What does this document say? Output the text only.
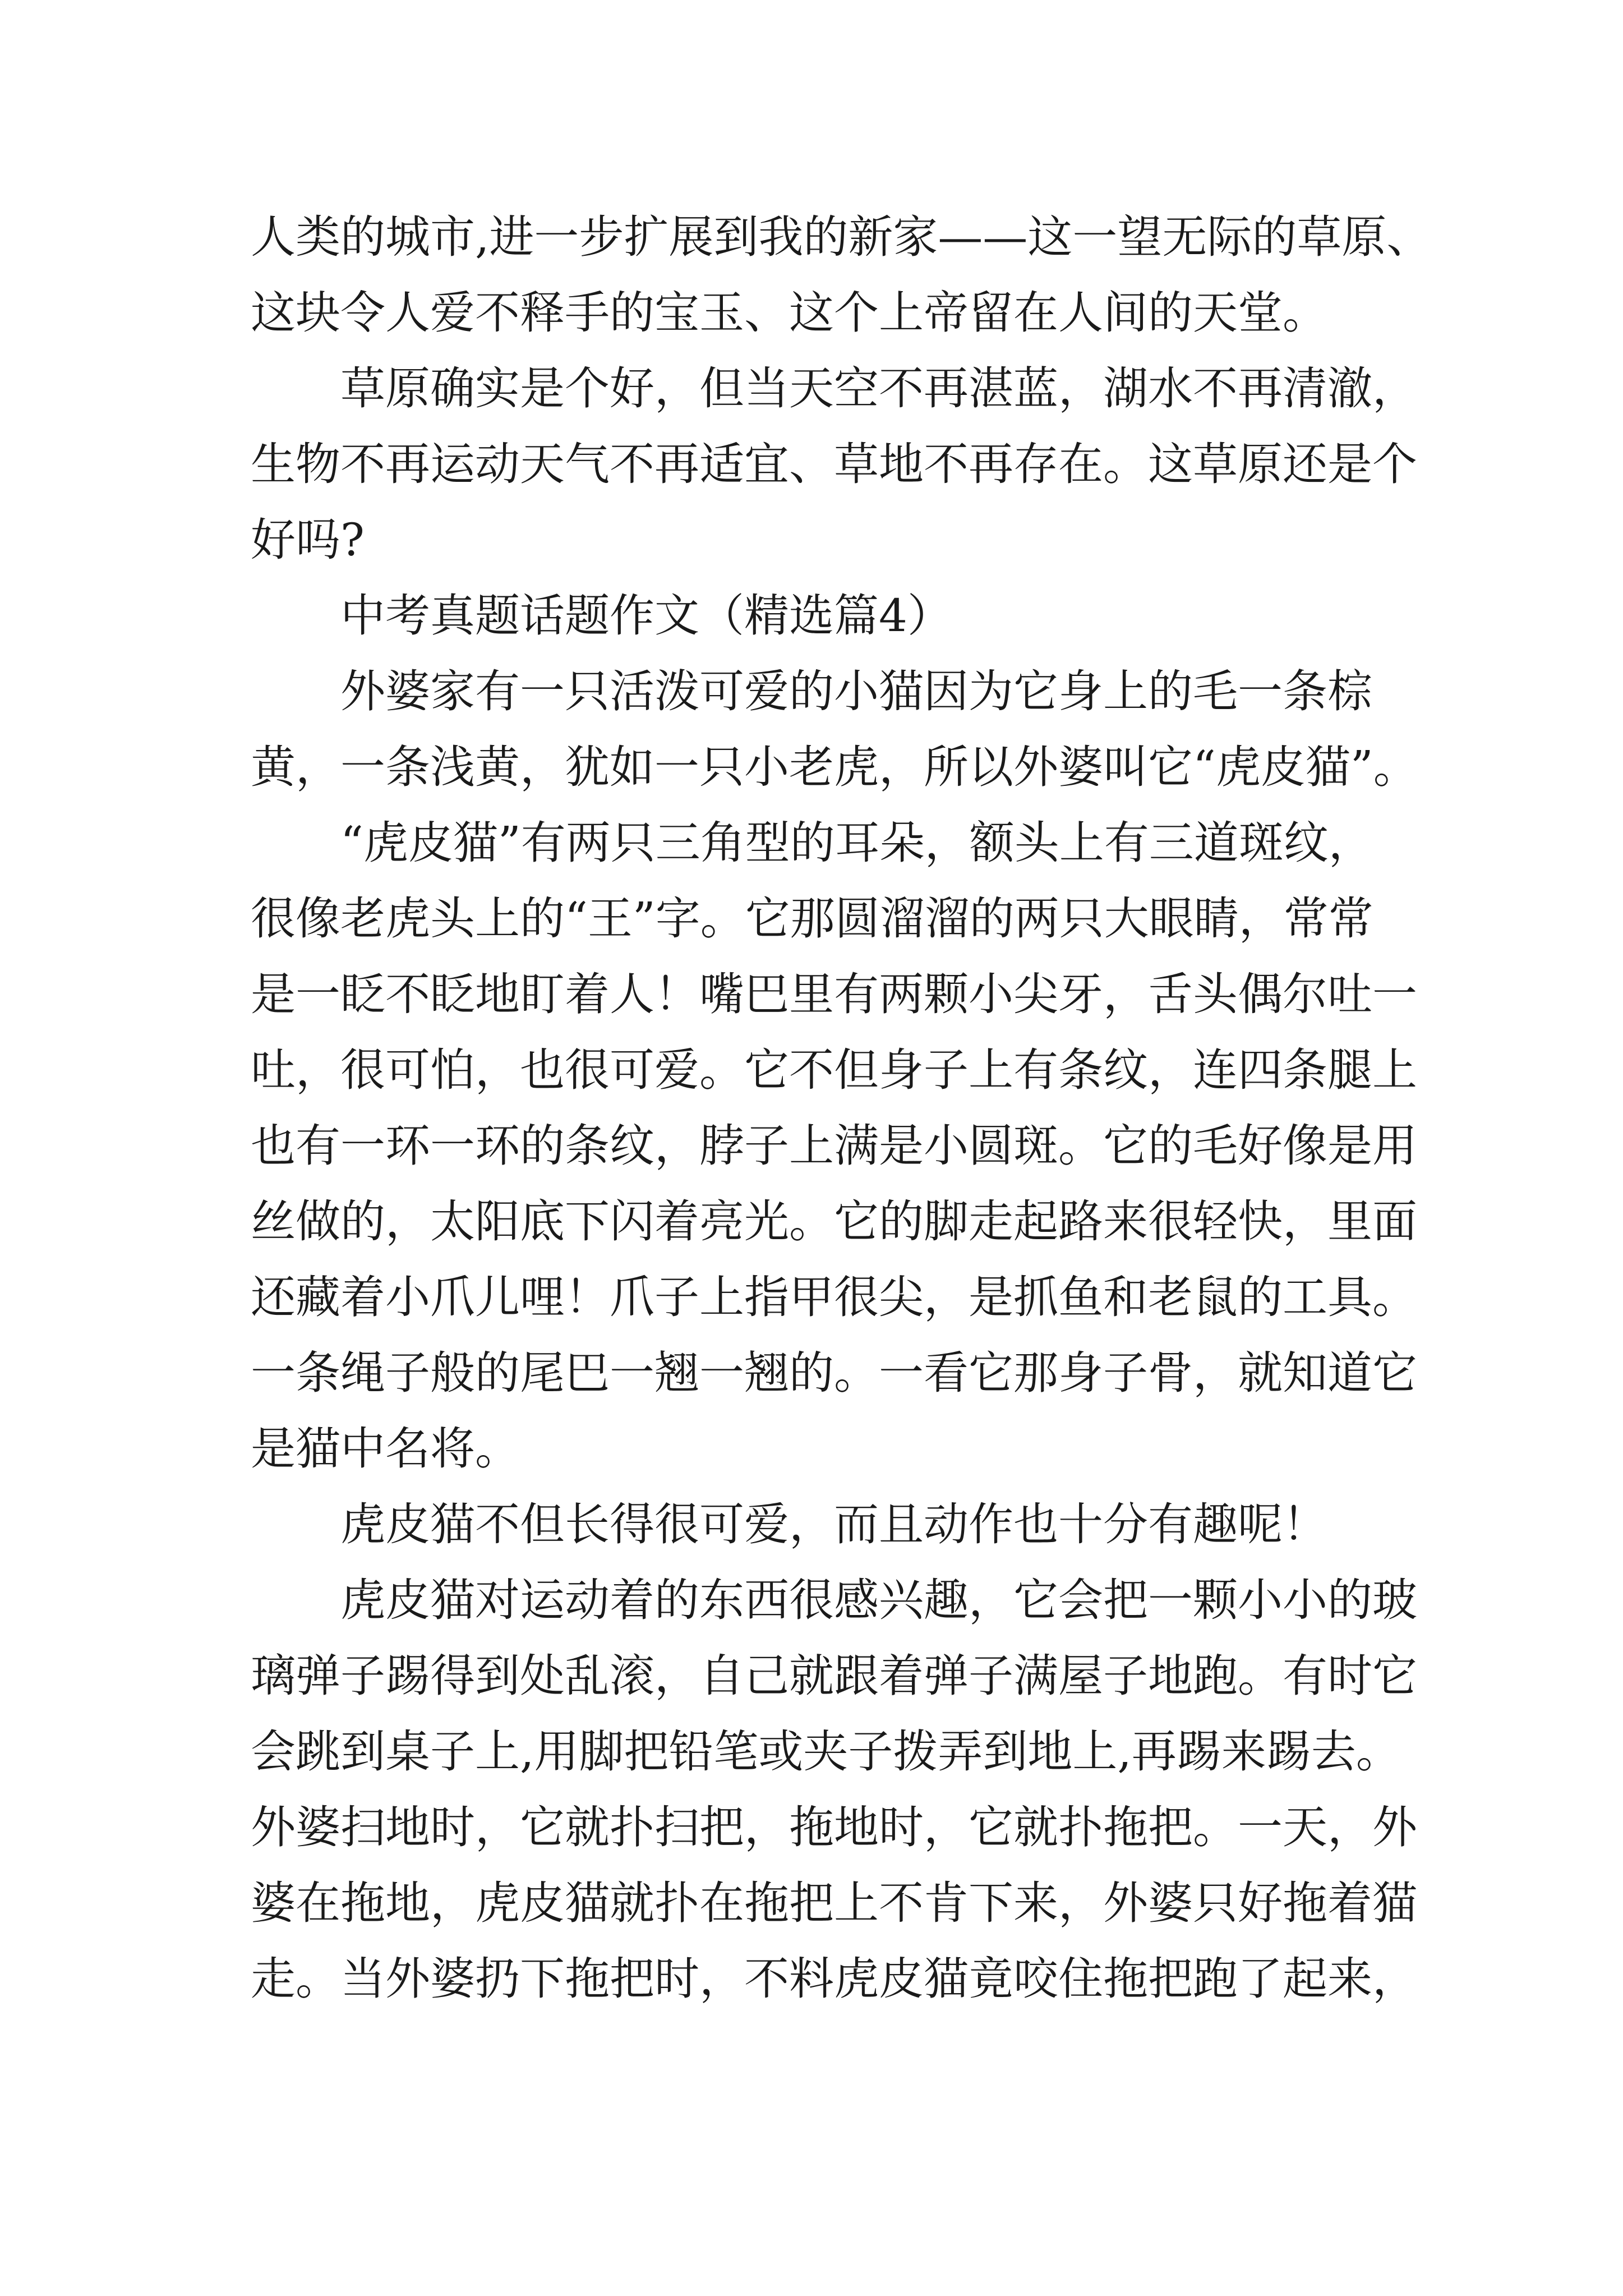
人类的城市,进一步扩展到我的新家——这一望无际的草原、
这块令人爱不释手的宝玉、这个上帝留在人间的天堂。
草原确实是个好，但当天空不再湛蓝，湖水不再清澈，
生物不再运动天气不再适宜、草地不再存在。这草原还是个
好吗?
中考真题话题作文（精选篇4）
外婆家有一只活泼可爱的小猫因为它身上的毛一条棕
黄，一条浅黄，犹如一只小老虎，所以外婆叫它“虎皮猫”。
“虎皮猫”有两只三角型的耳朵，额头上有三道斑纹，
很像老虎头上的“王”字。它那圆溜溜的两只大眼睛，常常
是一眨不眨地盯着人！嘴巴里有两颗小尖牙，舌头偶尔吐一
吐，很可怕，也很可爱。它不但身子上有条纹，连四条腿上
也有一环一环的条纹，脖子上满是小圆斑。它的毛好像是用
丝做的，太阳底下闪着亮光。它的脚走起路来很轻快，里面
还藏着小爪儿哩！爪子上指甲很尖，是抓鱼和老鼠的工具。
一条绳子般的尾巴一翘一翘的。一看它那身子骨，就知道它
是猫中名将。
虎皮猫不但长得很可爱，而且动作也十分有趣呢！
虎皮猫对运动着的东西很感兴趣，它会把一颗小小的玻
璃弹子踢得到处乱滚，自己就跟着弹子满屋子地跑。有时它
会跳到桌子上,用脚把铅笔或夹子拨弄到地上,再踢来踢去。
外婆扫地时，它就扑扫把，拖地时，它就扑拖把。一天，外
婆在拖地，虎皮猫就扑在拖把上不肯下来，外婆只好拖着猫
走。当外婆扔下拖把时，不料虎皮猫竟咬住拖把跑了起来，
